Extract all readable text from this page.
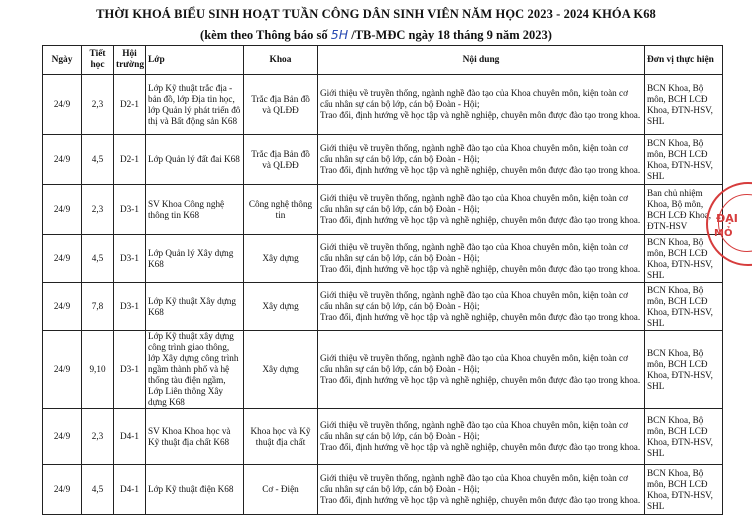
THỜI KHOÁ BIỂU SINH HOẠT TUẦN CÔNG DÂN SINH VIÊN NĂM HỌC 2023 - 2024 KHÓA K68
(kèm theo Thông báo số 5H /TB-MĐC ngày 18 tháng 9 năm 2023)
Ngày	Tiết học	Hội trường	Lớp	Khoa	Nội dung	Đơn vị thực hiện
24/9	2,3	D2-1	Lớp Kỹ thuật trắc địa - bản đồ, lớp Địa tin học, lớp Quản lý phát triển đô thị và Bất động sản K68	Trắc địa Bản đồ và QLĐĐ	Giới thiệu về truyền thống, ngành nghề đào tạo của Khoa chuyên môn, kiện toàn cơ cấu nhân sự cán bộ lớp, cán bộ Đoàn - Hội;
Trao đổi, định hướng về học tập và nghề nghiệp, chuyên môn được đào tạo trong khoa.	BCN Khoa, Bộ môn, BCH LCĐ Khoa, ĐTN-HSV, SHL
24/9	4,5	D2-1	Lớp Quản lý đất đai K68	Trắc địa Bản đồ và QLĐĐ	Giới thiệu về truyền thống, ngành nghề đào tạo của Khoa chuyên môn, kiện toàn cơ cấu nhân sự cán bộ lớp, cán bộ Đoàn - Hội;
Trao đổi, định hướng về học tập và nghề nghiệp, chuyên môn được đào tạo trong khoa.	BCN Khoa, Bộ môn, BCH LCĐ Khoa, ĐTN-HSV, SHL
24/9	2,3	D3-1	SV Khoa Công nghệ thông tin K68	Công nghệ thông tin	Giới thiệu về truyền thống, ngành nghề đào tạo của Khoa chuyên môn, kiện toàn cơ cấu nhân sự cán bộ lớp, cán bộ Đoàn - Hội;
Trao đổi, định hướng về học tập và nghề nghiệp, chuyên môn được đào tạo trong khoa.	Ban chủ nhiệm Khoa, Bộ môn, BCH LCĐ Khoa, ĐTN-HSV
24/9	4,5	D3-1	Lớp Quản lý Xây dựng K68	Xây dựng	Giới thiệu về truyền thống, ngành nghề đào tạo của Khoa chuyên môn, kiện toàn cơ cấu nhân sự cán bộ lớp, cán bộ Đoàn - Hội;
Trao đổi, định hướng về học tập và nghề nghiệp, chuyên môn được đào tạo trong khoa.	BCN Khoa, Bộ môn, BCH LCĐ Khoa, ĐTN-HSV, SHL
24/9	7,8	D3-1	Lớp Kỹ thuật Xây dựng K68	Xây dựng	Giới thiệu về truyền thống, ngành nghề đào tạo của Khoa chuyên môn, kiện toàn cơ cấu nhân sự cán bộ lớp, cán bộ Đoàn - Hội;
Trao đổi, định hướng về học tập và nghề nghiệp, chuyên môn được đào tạo trong khoa.	BCN Khoa, Bộ môn, BCH LCĐ Khoa, ĐTN-HSV, SHL
24/9	9,10	D3-1	Lớp Kỹ thuật xây dựng công trình giao thông, lớp Xây dựng công trình ngầm thành phố và hệ thống tàu điện ngầm, Lớp Liên thông Xây dựng K68	Xây dựng	Giới thiệu về truyền thống, ngành nghề đào tạo của Khoa chuyên môn, kiện toàn cơ cấu nhân sự cán bộ lớp, cán bộ Đoàn - Hội;
Trao đổi, định hướng về học tập và nghề nghiệp, chuyên môn được đào tạo trong khoa.	BCN Khoa, Bộ môn, BCH LCĐ Khoa, ĐTN-HSV, SHL
24/9	2,3	D4-1	SV Khoa Khoa học và Kỹ thuật địa chất K68	Khoa học và Kỹ thuật địa chất	Giới thiệu về truyền thống, ngành nghề đào tạo của Khoa chuyên môn, kiện toàn cơ cấu nhân sự cán bộ lớp, cán bộ Đoàn - Hội;
Trao đổi, định hướng về học tập và nghề nghiệp, chuyên môn được đào tạo trong khoa.	BCN Khoa, Bộ môn, BCH LCĐ Khoa, ĐTN-HSV, SHL
24/9	4,5	D4-1	Lớp Kỹ thuật điện K68	Cơ - Điện	Giới thiệu về truyền thống, ngành nghề đào tạo của Khoa chuyên môn, kiện toàn cơ cấu nhân sự cán bộ lớp, cán bộ Đoàn - Hội;
Trao đổi, định hướng về học tập và nghề nghiệp, chuyên môn được đào tạo trong khoa.	BCN Khoa, Bộ môn, BCH LCĐ Khoa, ĐTN-HSV, SHL
ĐẠI
MỎ
